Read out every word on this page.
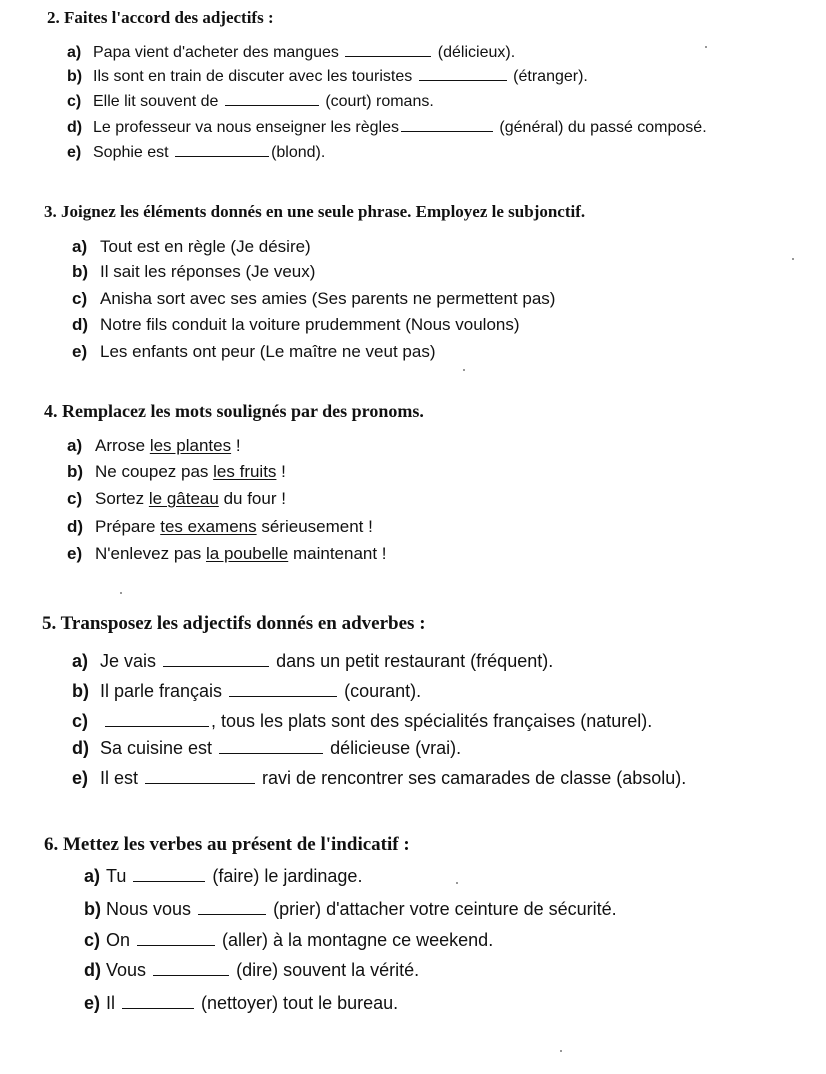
2. Faites l'accord des adjectifs :
a) Papa vient d'acheter des mangues	(délicieux).
b) Ils sont en train de discuter avec les touristes	(étranger).
c) Elle lit souvent de	(court) romans.
d) Le professeur va nous enseigner les règles	(général) du passé composé.
e) Sophie est	(blond).
3. Joignez les éléments donnés en une seule phrase. Employez le subjonctif.
a) Tout est en règle (Je désire)
b) Il sait les réponses (Je veux)
c) Anisha sort avec ses amies (Ses parents ne permettent pas)
d) Notre fils conduit la voiture prudemment (Nous voulons)
e) Les enfants ont peur (Le maître ne veut pas)
4. Remplacez les mots soulignés par des pronoms.
a) Arrose les plantes !
b) Ne coupez pas les fruits !
c) Sortez le gâteau du four !
d) Prépare tes examens sérieusement !
e) N'enlevez pas la poubelle maintenant !
5. Transposez les adjectifs donnés en adverbes :
a) Je vais	dans un petit restaurant (fréquent).
b) Il parle français	(courant).
c)	, tous les plats sont des spécialités françaises (naturel).
d) Sa cuisine est	délicieuse (vrai).
e) Il est	ravi de rencontrer ses camarades de classe (absolu).
6. Mettez les verbes au présent de l'indicatif :
a) Tu	(faire) le jardinage.
b) Nous vous	(prier) d'attacher votre ceinture de sécurité.
c) On	(aller) à la montagne ce weekend.
d) Vous	(dire) souvent la vérité.
e) Il	(nettoyer) tout le bureau.
